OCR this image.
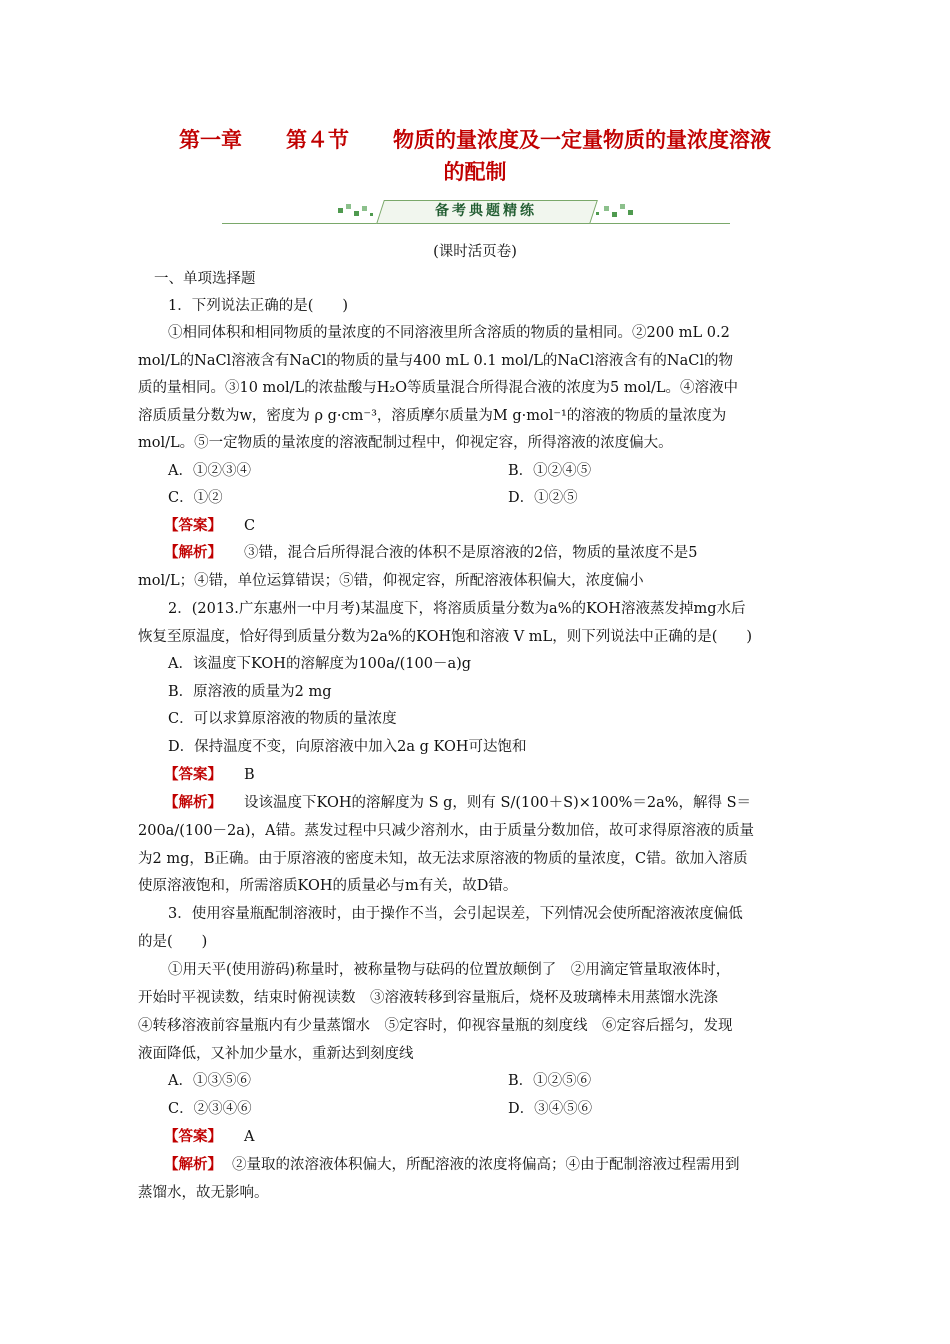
第一章 第４节 物质的量浓度及一定量物质的量浓度溶液
的配制
备考典题精练
(课时活页卷)
一、单项选择题
1．下列说法正确的是(　　)
①相同体积和相同物质的量浓度的不同溶液里所含溶质的物质的量相同。②200 mL 0.2
mol/L的NaCl溶液含有NaCl的物质的量与400 mL 0.1 mol/L的NaCl溶液含有的NaCl的物
质的量相同。③10 mol/L的浓盐酸与H₂O等质量混合所得混合液的浓度为5 mol/L。④溶液中
溶质质量分数为w，密度为 ρ g·cm⁻³，溶质摩尔质量为M g·mol⁻¹的溶液的物质的量浓度为
mol/L。⑤一定物质的量浓度的溶液配制过程中，仰视定容，所得溶液的浓度偏大。
A．①②③④	B．①②④⑤
C．①②	D．①②⑤
【答案】 C
【解析】 ③错，混合后所得混合液的体积不是原溶液的2倍，物质的量浓度不是5
mol/L；④错，单位运算错误；⑤错，仰视定容，所配溶液体积偏大，浓度偏小
2．(2013.广东惠州一中月考)某温度下，将溶质质量分数为a%的KOH溶液蒸发掉mg水后
恢复至原温度，恰好得到质量分数为2a%的KOH饱和溶液 V mL，则下列说法中正确的是(　　)
A．该温度下KOH的溶解度为100a/(100－a)g
B．原溶液的质量为2 mg
C．可以求算原溶液的物质的量浓度
D．保持温度不变，向原溶液中加入2a g KOH可达饱和
【答案】 B
【解析】 设该温度下KOH的溶解度为 S g，则有 S/(100＋S)×100%＝2a%，解得 S＝
200a/(100－2a)，A错。蒸发过程中只减少溶剂水，由于质量分数加倍，故可求得原溶液的质量
为2 mg，B正确。由于原溶液的密度未知，故无法求原溶液的物质的量浓度，C错。欲加入溶质
使原溶液饱和，所需溶质KOH的质量必与m有关，故D错。
3．使用容量瓶配制溶液时，由于操作不当，会引起误差，下列情况会使所配溶液浓度偏低
的是(　　)
①用天平(使用游码)称量时，被称量物与砝码的位置放颠倒了　②用滴定管量取液体时，
开始时平视读数，结束时俯视读数　③溶液转移到容量瓶后，烧杯及玻璃棒未用蒸馏水洗涤
④转移溶液前容量瓶内有少量蒸馏水　⑤定容时，仰视容量瓶的刻度线　⑥定容后摇匀，发现
液面降低，又补加少量水，重新达到刻度线
A．①③⑤⑥	B．①②⑤⑥
C．②③④⑥	D．③④⑤⑥
【答案】 A
【解析】 ②量取的浓溶液体积偏大，所配溶液的浓度将偏高；④由于配制溶液过程需用到
蒸馏水，故无影响。
